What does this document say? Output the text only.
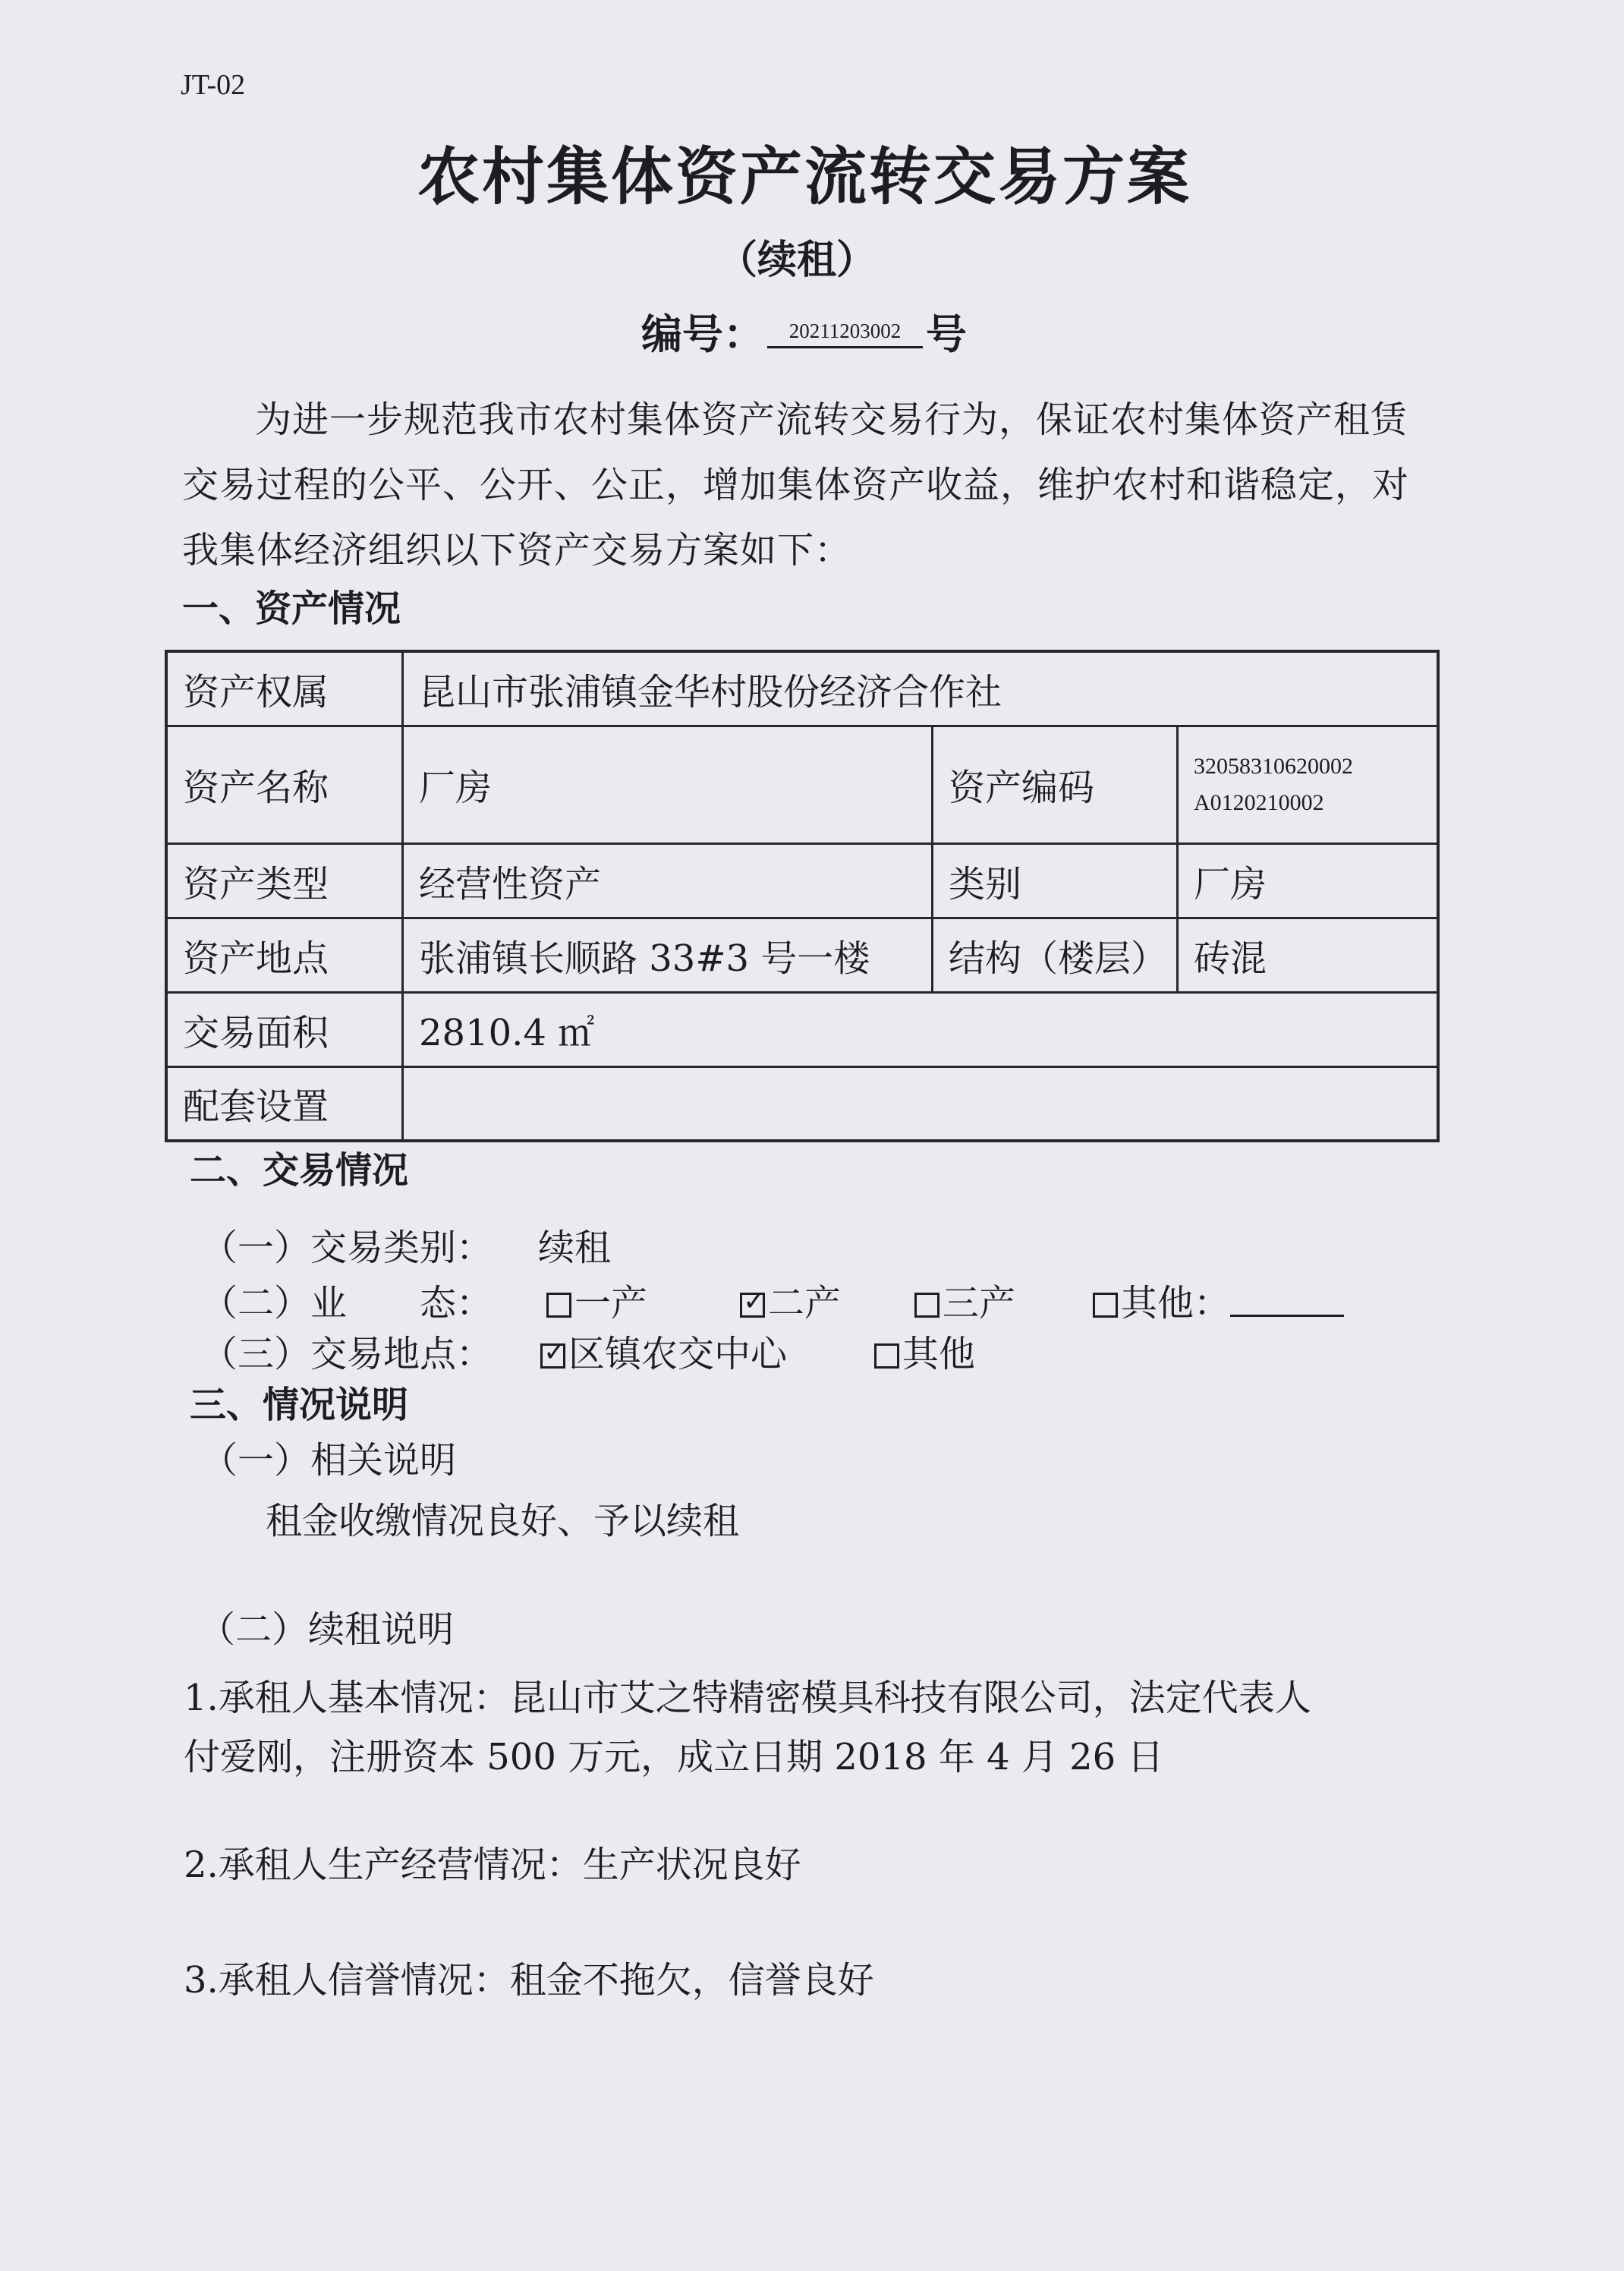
JT-02
农村集体资产流转交易方案
（续租）
编号： 20211203002 号
为进一步规范我市农村集体资产流转交易行为，保证农村集体资产租赁交易过程的公平、公开、公正，增加集体资产收益，维护农村和谐稳定，对我集体经济组织以下资产交易方案如下：
一、资产情况
资产权属	昆山市张浦镇金华村股份经济合作社		
资产名称	厂房	资产编码	32058310620002
A0120210002

资产类型	经营性资产	类别	厂房
资产地点	张浦镇长顺路 33#3 号一楼	结构（楼层）	砖混
交易面积	2810.4 ㎡		
配套设置			
二、交易情况
（一）交易类别： 续租
（二）业　　态：	一产 ✓	二产	三产	其他：
（三）交易地点： ✓	区镇农交中心	其他
三、情况说明
（一）相关说明
租金收缴情况良好、予以续租
（二）续租说明
1.承租人基本情况：昆山市艾之特精密模具科技有限公司，法定代表人
付爱刚，注册资本 500 万元，成立日期 2018 年 4 月 26 日
2.承租人生产经营情况：生产状况良好
3.承租人信誉情况：租金不拖欠，信誉良好
